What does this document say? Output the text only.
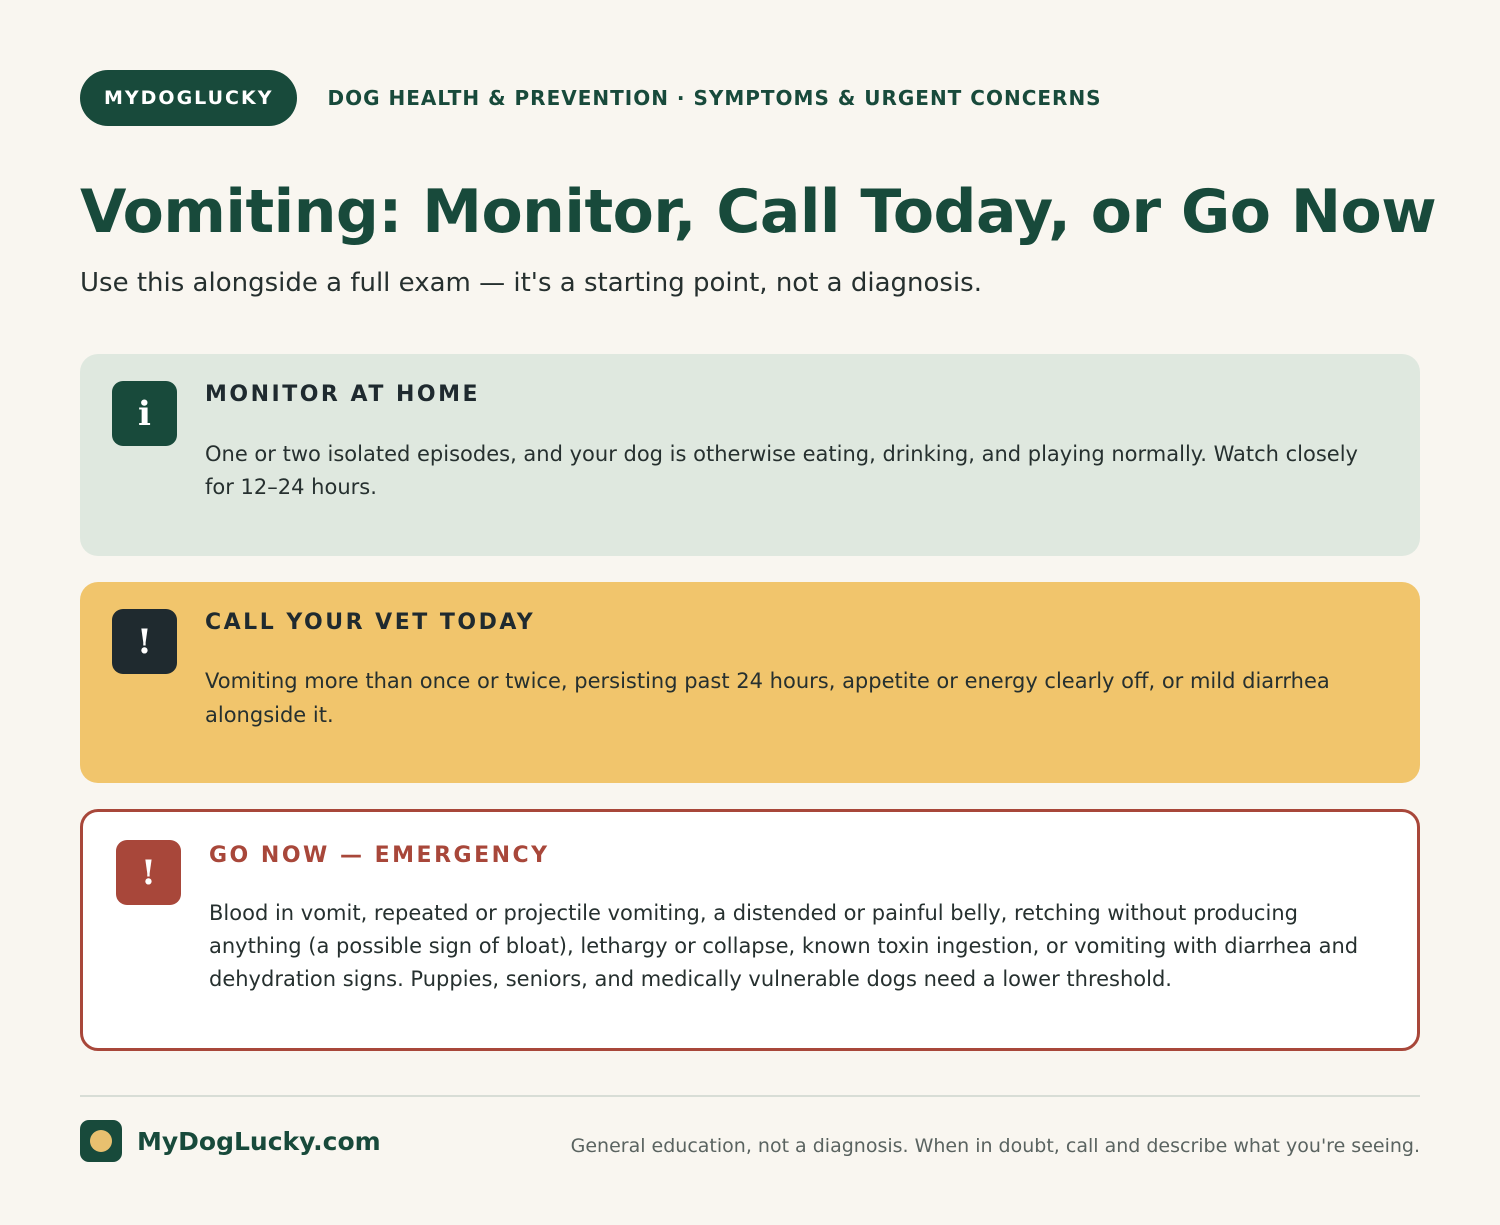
MYDOGLUCKY	DOG HEALTH & PREVENTION · SYMPTOMS & URGENT CONCERNS
Vomiting: Monitor, Call Today, or Go Now
Use this alongside a full exam — it's a starting point, not a diagnosis.
i	MONITOR AT HOME
One or two isolated episodes, and your dog is otherwise eating, drinking, and playing normally. Watch closely for 12–24 hours.
!	CALL YOUR VET TODAY
Vomiting more than once or twice, persisting past 24 hours, appetite or energy clearly off, or mild diarrhea alongside it.
!	GO NOW — EMERGENCY
Blood in vomit, repeated or projectile vomiting, a distended or painful belly, retching without producing anything (a possible sign of bloat), lethargy or collapse, known toxin ingestion, or vomiting with diarrhea and dehydration signs. Puppies, seniors, and medically vulnerable dogs need a lower threshold.
MyDogLucky.com	General education, not a diagnosis. When in doubt, call and describe what you're seeing.
